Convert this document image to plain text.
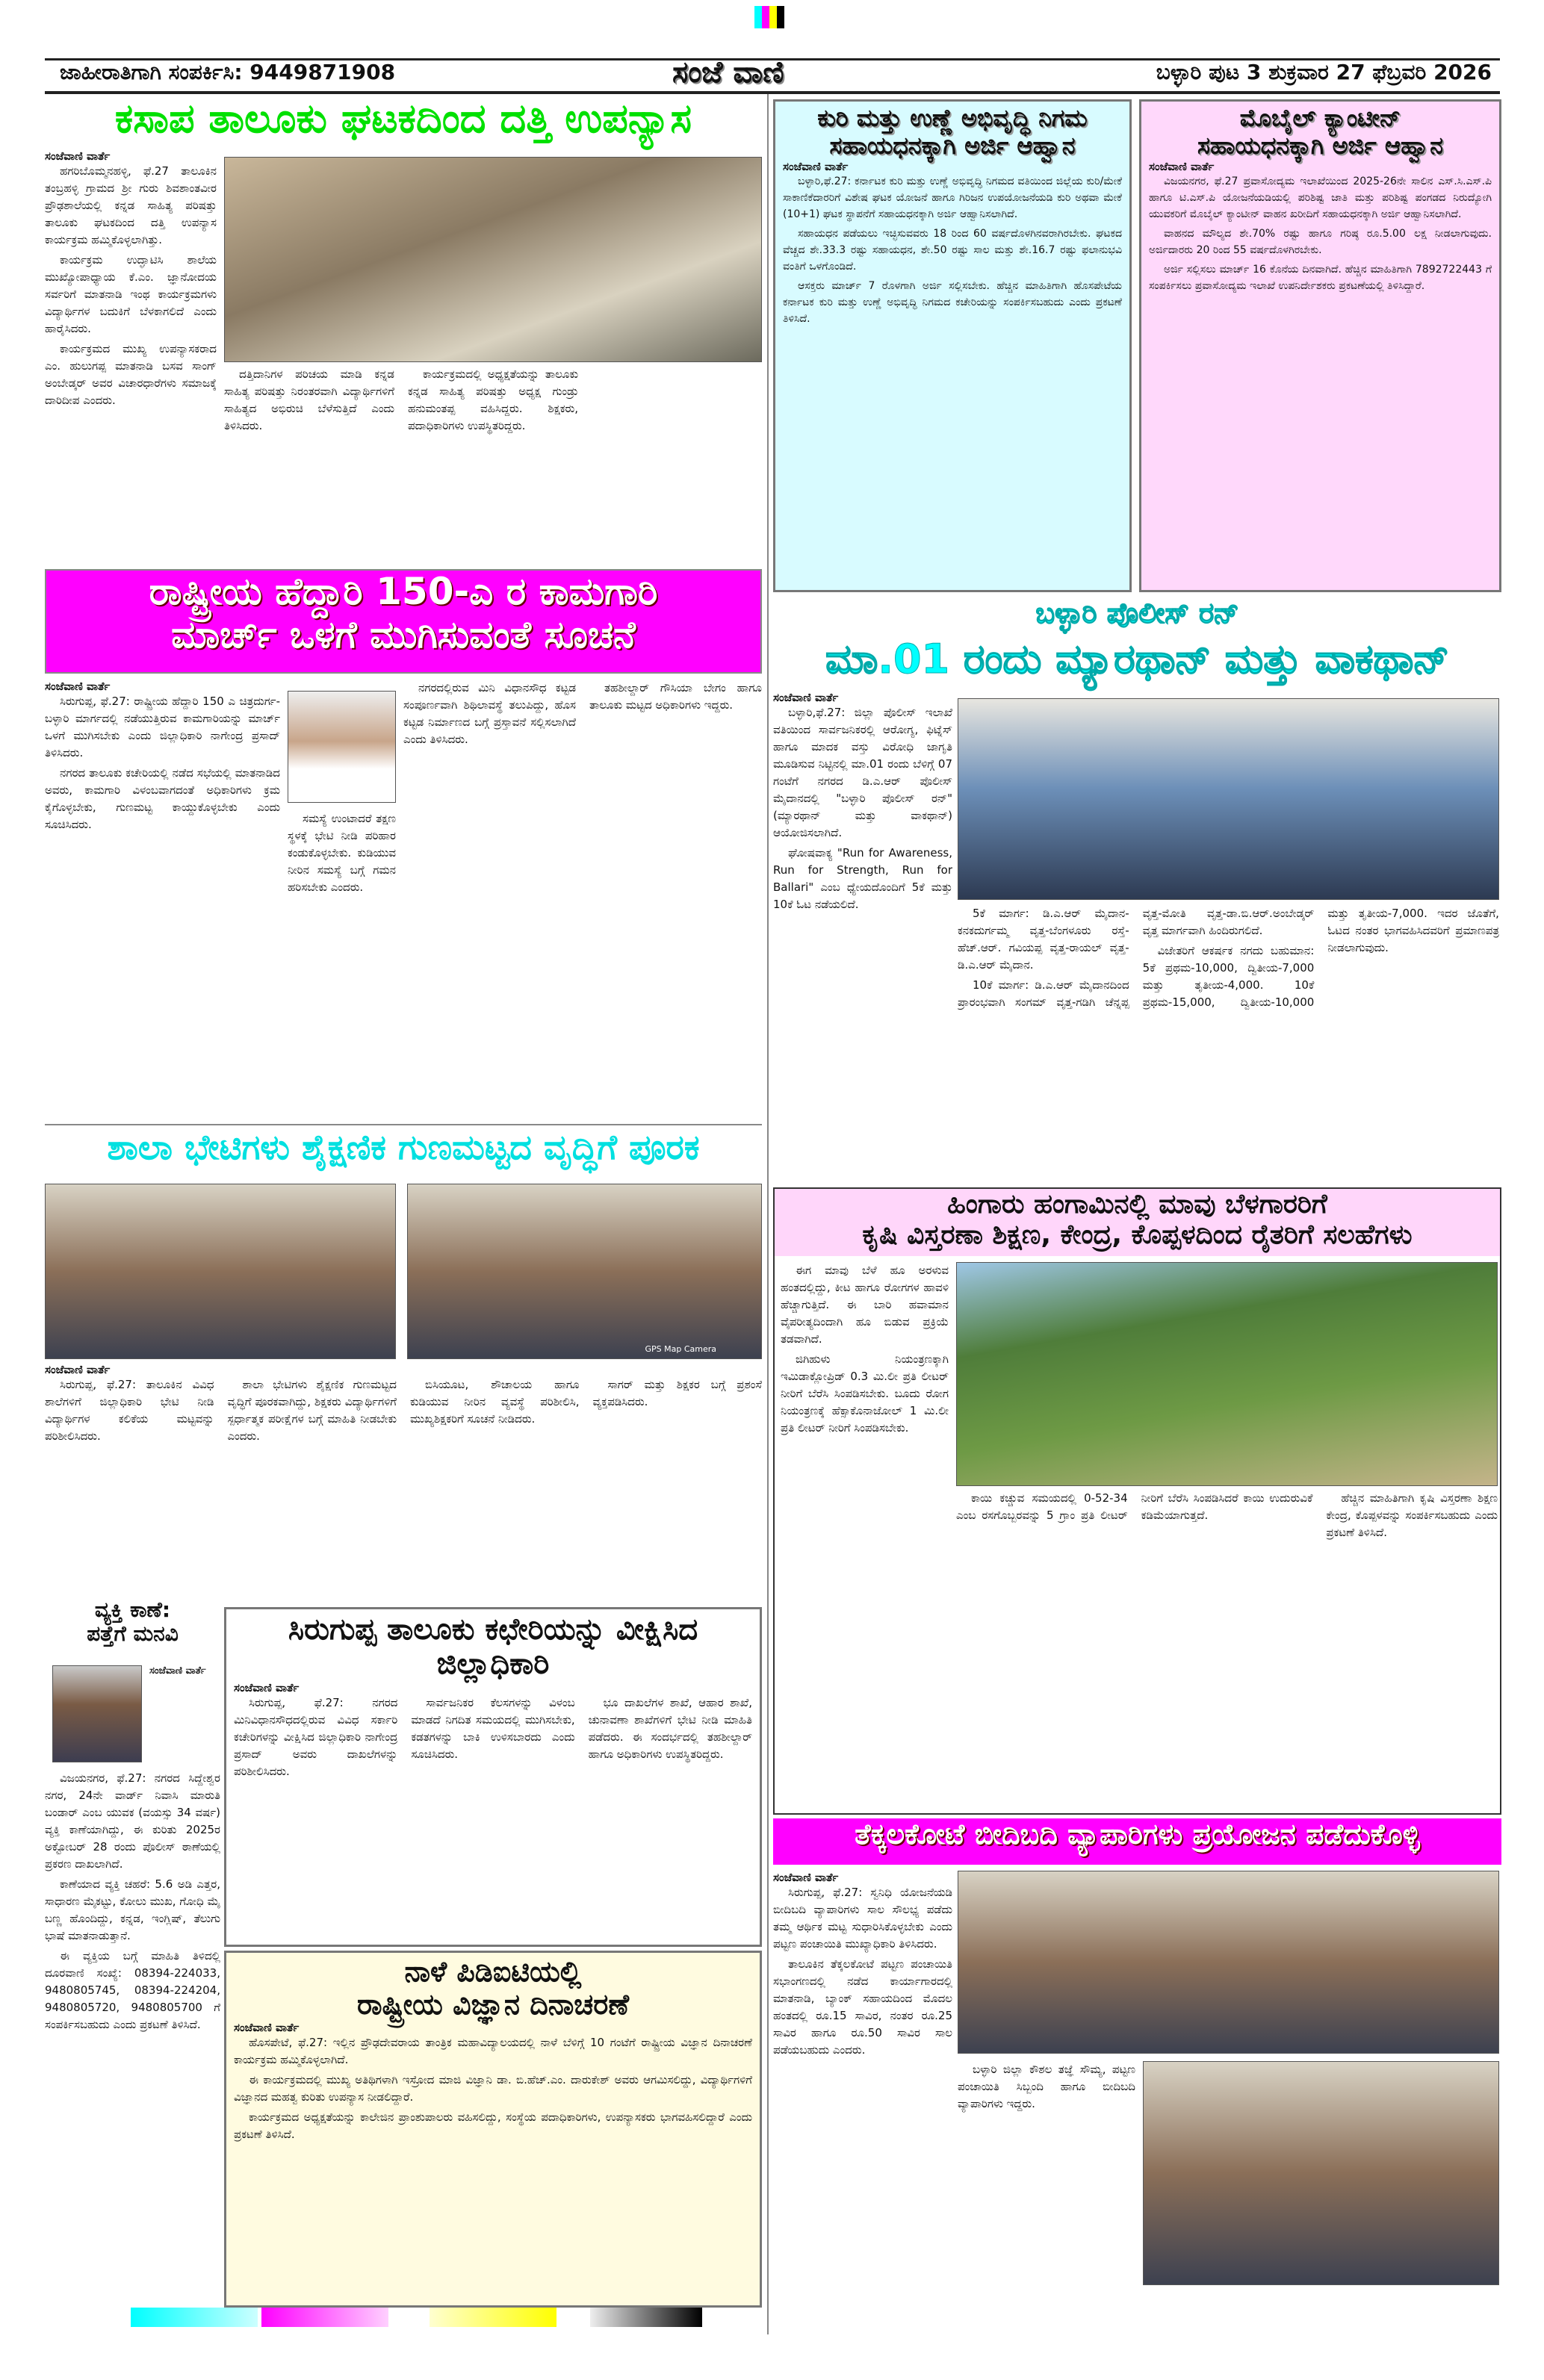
ಜಾಹೀರಾತಿಗಾಗಿ ಸಂಪರ್ಕಿಸಿ: 9449871908	ಸಂಜೆ ವಾಣಿ	ಬಳ್ಳಾರಿ ಪುಟ 3 ಶುಕ್ರವಾರ 27 ಫೆಬ್ರವರಿ 2026
ಕಸಾಪ ತಾಲೂಕು ಘಟಕದಿಂದ ದತ್ತಿ ಉಪನ್ಯಾಸ
ಸಂಜೆವಾಣಿ ವಾರ್ತೆ

ಹಗರಿಬೊಮ್ಮನಹಳ್ಳಿ, ಫೆ.27 ತಾಲೂಕಿನ ತಂಬ್ರಹಳ್ಳಿ ಗ್ರಾಮದ ಶ್ರೀ ಗುರು ಶಿವಶಾಂತವೀರ ಪ್ರೌಢಶಾಲೆಯಲ್ಲಿ ಕನ್ನಡ ಸಾಹಿತ್ಯ ಪರಿಷತ್ತು ತಾಲೂಕು ಘಟಕದಿಂದ ದತ್ತಿ ಉಪನ್ಯಾಸ ಕಾರ್ಯಕ್ರಮ ಹಮ್ಮಿಕೊಳ್ಳಲಾಗಿತ್ತು.

ಕಾರ್ಯಕ್ರಮ ಉದ್ಘಾಟಿಸಿ ಶಾಲೆಯ ಮುಖ್ಯೋಪಾಧ್ಯಾಯ ಕೆ.ಎಂ. ಜ್ಞಾನೋದಯ ಸರ್ವರಿಗೆ ಮಾತನಾಡಿ ಇಂಥ ಕಾರ್ಯಕ್ರಮಗಳು ವಿದ್ಯಾರ್ಥಿಗಳ ಬದುಕಿಗೆ ಬೆಳಕಾಗಲಿದೆ ಎಂದು ಹಾರೈಸಿದರು.

ಕಾರ್ಯಕ್ರಮದ ಮುಖ್ಯ ಉಪನ್ಯಾಸಕರಾದ ಎಂ. ಹುಲುಗಪ್ಪ ಮಾತನಾಡಿ ಬಸವ ಸಾಂಗ್ ಅಂಬೇಡ್ಕರ್ ಅವರ ವಿಚಾರಧಾರೆಗಳು ಸಮಾಜಕ್ಕೆ ದಾರಿದೀಪ ಎಂದರು.

ದತ್ತಿದಾನಿಗಳ ಪರಿಚಯ ಮಾಡಿ ಕನ್ನಡ ಸಾಹಿತ್ಯ ಪರಿಷತ್ತು ನಿರಂತರವಾಗಿ ವಿದ್ಯಾರ್ಥಿಗಳಿಗೆ ಸಾಹಿತ್ಯದ ಅಭಿರುಚಿ ಬೆಳೆಸುತ್ತಿದೆ ಎಂದು ತಿಳಿಸಿದರು.

ಕಾರ್ಯಕ್ರಮದಲ್ಲಿ ಅಧ್ಯಕ್ಷತೆಯನ್ನು ತಾಲೂಕು ಕನ್ನಡ ಸಾಹಿತ್ಯ ಪರಿಷತ್ತು ಅಧ್ಯಕ್ಷ ಗುಂಡ್ರು ಹನುಮಂತಪ್ಪ ವಹಿಸಿದ್ದರು. ಶಿಕ್ಷಕರು, ಪದಾಧಿಕಾರಿಗಳು ಉಪಸ್ಥಿತರಿದ್ದರು.

ರಾಷ್ಟ್ರೀಯ ಹೆದ್ದಾರಿ 150-ಎ ರ ಕಾಮಗಾರಿ
ಮಾರ್ಚ್ ಒಳಗೆ ಮುಗಿಸುವಂತೆ ಸೂಚನೆ
ಸಂಜೆವಾಣಿ ವಾರ್ತೆ

ಸಿರುಗುಪ್ಪ, ಫೆ.27: ರಾಷ್ಟ್ರೀಯ ಹೆದ್ದಾರಿ 150 ಎ ಚಿತ್ರದುರ್ಗ-ಬಳ್ಳಾರಿ ಮಾರ್ಗದಲ್ಲಿ ನಡೆಯುತ್ತಿರುವ ಕಾಮಗಾರಿಯನ್ನು ಮಾರ್ಚ್ ಒಳಗೆ ಮುಗಿಸಬೇಕು ಎಂದು ಜಿಲ್ಲಾಧಿಕಾರಿ ನಾಗೇಂದ್ರ ಪ್ರಸಾದ್ ತಿಳಿಸಿದರು.

ನಗರದ ತಾಲೂಕು ಕಚೇರಿಯಲ್ಲಿ ನಡೆದ ಸಭೆಯಲ್ಲಿ ಮಾತನಾಡಿದ ಅವರು, ಕಾಮಗಾರಿ ವಿಳಂಬವಾಗದಂತೆ ಅಧಿಕಾರಿಗಳು ಕ್ರಮ ಕೈಗೊಳ್ಳಬೇಕು, ಗುಣಮಟ್ಟ ಕಾಯ್ದುಕೊಳ್ಳಬೇಕು ಎಂದು ಸೂಚಿಸಿದರು.	ಸಮಸ್ಯೆ ಉಂಟಾದರೆ ತಕ್ಷಣ ಸ್ಥಳಕ್ಕೆ ಭೇಟಿ ನೀಡಿ ಪರಿಹಾರ ಕಂಡುಕೊಳ್ಳಬೇಕು. ಕುಡಿಯುವ ನೀರಿನ ಸಮಸ್ಯೆ ಬಗ್ಗೆ ಗಮನ ಹರಿಸಬೇಕು ಎಂದರು.

ನಗರದಲ್ಲಿರುವ ಮಿನಿ ವಿಧಾನಸೌಧ ಕಟ್ಟಡ ಸಂಪೂರ್ಣವಾಗಿ ಶಿಥಿಲಾವಸ್ಥೆ ತಲುಪಿದ್ದು, ಹೊಸ ಕಟ್ಟಡ ನಿರ್ಮಾಣದ ಬಗ್ಗೆ ಪ್ರಸ್ತಾವನೆ ಸಲ್ಲಿಸಲಾಗಿದೆ ಎಂದು ತಿಳಿಸಿದರು.

ತಹಶೀಲ್ದಾರ್ ಗೌಸಿಯಾ ಬೇಗಂ ಹಾಗೂ ತಾಲೂಕು ಮಟ್ಟದ ಅಧಿಕಾರಿಗಳು ಇದ್ದರು.

ಶಾಲಾ ಭೇಟಿಗಳು ಶೈಕ್ಷಣಿಕ ಗುಣಮಟ್ಟದ ವೃದ್ಧಿಗೆ ಪೂರಕ
GPS Map Camera
ಸಂಜೆವಾಣಿ ವಾರ್ತೆ

ಸಿರುಗುಪ್ಪ, ಫೆ.27: ತಾಲೂಕಿನ ವಿವಿಧ ಶಾಲೆಗಳಿಗೆ ಜಿಲ್ಲಾಧಿಕಾರಿ ಭೇಟಿ ನೀಡಿ ವಿದ್ಯಾರ್ಥಿಗಳ ಕಲಿಕೆಯ ಮಟ್ಟವನ್ನು ಪರಿಶೀಲಿಸಿದರು.

ಶಾಲಾ ಭೇಟಿಗಳು ಶೈಕ್ಷಣಿಕ ಗುಣಮಟ್ಟದ ವೃದ್ಧಿಗೆ ಪೂರಕವಾಗಿದ್ದು, ಶಿಕ್ಷಕರು ವಿದ್ಯಾರ್ಥಿಗಳಿಗೆ ಸ್ಪರ್ಧಾತ್ಮಕ ಪರೀಕ್ಷೆಗಳ ಬಗ್ಗೆ ಮಾಹಿತಿ ನೀಡಬೇಕು ಎಂದರು.

ಬಿಸಿಯೂಟ, ಶೌಚಾಲಯ ಹಾಗೂ ಕುಡಿಯುವ ನೀರಿನ ವ್ಯವಸ್ಥೆ ಪರಿಶೀಲಿಸಿ, ಮುಖ್ಯಶಿಕ್ಷಕರಿಗೆ ಸೂಚನೆ ನೀಡಿದರು.

ಸಾಗರ್ ಮತ್ತು ಶಿಕ್ಷಕರ ಬಗ್ಗೆ ಪ್ರಶಂಸೆ ವ್ಯಕ್ತಪಡಿಸಿದರು.

ವ್ಯಕ್ತಿ ಕಾಣೆ:
ಪತ್ತೆಗೆ ಮನವಿ
ಸಂಜೆವಾಣಿ ವಾರ್ತೆ

ವಿಜಯನಗರ, ಫೆ.27: ನಗರದ ಸಿದ್ದೇಶ್ವರ ನಗರ, 24ನೇ ವಾರ್ಡ್ ನಿವಾಸಿ ಮಾರುತಿ ಬಂಡಾರ್ ಎಂಬ ಯುವಕ (ವಯಸ್ಸು 34 ವರ್ಷ) ವ್ಯಕ್ತಿ ಕಾಣೆಯಾಗಿದ್ದು, ಈ ಕುರಿತು 2025ರ ಅಕ್ಟೋಬರ್ 28 ರಂದು ಪೊಲೀಸ್ ಠಾಣೆಯಲ್ಲಿ ಪ್ರಕರಣ ದಾಖಲಾಗಿದೆ.

ಕಾಣೆಯಾದ ವ್ಯಕ್ತಿ ಚಹರೆ: 5.6 ಅಡಿ ಎತ್ತರ, ಸಾಧಾರಣ ಮೈಕಟ್ಟು, ಕೋಲು ಮುಖ, ಗೋಧಿ ಮೈ ಬಣ್ಣ ಹೊಂದಿದ್ದು, ಕನ್ನಡ, ಇಂಗ್ಲಿಷ್, ತೆಲುಗು ಭಾಷೆ ಮಾತನಾಡುತ್ತಾನೆ.

ಈ ವ್ಯಕ್ತಿಯ ಬಗ್ಗೆ ಮಾಹಿತಿ ತಿಳಿದಲ್ಲಿ ದೂರವಾಣಿ ಸಂಖ್ಯೆ: 08394-224033, 9480805745, 08394-224204, 9480805720, 9480805700 ಗೆ ಸಂಪರ್ಕಿಸಬಹುದು ಎಂದು ಪ್ರಕಟಣೆ ತಿಳಿಸಿದೆ.

ಸಿರುಗುಪ್ಪ ತಾಲೂಕು ಕಛೇರಿಯನ್ನು ವೀಕ್ಷಿಸಿದ ಜಿಲ್ಲಾಧಿಕಾರಿ
ಸಂಜೆವಾಣಿ ವಾರ್ತೆ

ಸಿರುಗುಪ್ಪ, ಫೆ.27: ನಗರದ ಮಿನಿವಿಧಾನಸೌಧದಲ್ಲಿರುವ ವಿವಿಧ ಸರ್ಕಾರಿ ಕಚೇರಿಗಳನ್ನು ವೀಕ್ಷಿಸಿದ ಜಿಲ್ಲಾಧಿಕಾರಿ ನಾಗೇಂದ್ರ ಪ್ರಸಾದ್ ಅವರು ದಾಖಲೆಗಳನ್ನು ಪರಿಶೀಲಿಸಿದರು.

ಸಾರ್ವಜನಿಕರ ಕೆಲಸಗಳನ್ನು ವಿಳಂಬ ಮಾಡದೆ ನಿಗದಿತ ಸಮಯದಲ್ಲಿ ಮುಗಿಸಬೇಕು, ಕಡತಗಳನ್ನು ಬಾಕಿ ಉಳಿಸಬಾರದು ಎಂದು ಸೂಚಿಸಿದರು.

ಭೂ ದಾಖಲೆಗಳ ಶಾಖೆ, ಆಹಾರ ಶಾಖೆ, ಚುನಾವಣಾ ಶಾಖೆಗಳಿಗೆ ಭೇಟಿ ನೀಡಿ ಮಾಹಿತಿ ಪಡೆದರು. ಈ ಸಂದರ್ಭದಲ್ಲಿ ತಹಶೀಲ್ದಾರ್ ಹಾಗೂ ಅಧಿಕಾರಿಗಳು ಉಪಸ್ಥಿತರಿದ್ದರು.

ನಾಳೆ ಪಿಡಿಐಟಿಯಲ್ಲಿ
ರಾಷ್ಟ್ರೀಯ ವಿಜ್ಞಾನ ದಿನಾಚರಣೆ
ಸಂಜೆವಾಣಿ ವಾರ್ತೆ

ಹೊಸಪೇಟೆ, ಫೆ.27: ಇಲ್ಲಿನ ಪ್ರೌಢದೇವರಾಯ ತಾಂತ್ರಿಕ ಮಹಾವಿದ್ಯಾಲಯದಲ್ಲಿ ನಾಳೆ ಬೆಳಿಗ್ಗೆ 10 ಗಂಟೆಗೆ ರಾಷ್ಟ್ರೀಯ ವಿಜ್ಞಾನ ದಿನಾಚರಣೆ ಕಾರ್ಯಕ್ರಮ ಹಮ್ಮಿಕೊಳ್ಳಲಾಗಿದೆ.

ಈ ಕಾರ್ಯಕ್ರಮದಲ್ಲಿ ಮುಖ್ಯ ಅತಿಥಿಗಳಾಗಿ ಇಸ್ರೋದ ಮಾಜಿ ವಿಜ್ಞಾನಿ ಡಾ. ಬಿ.ಹೆಚ್.ಎಂ. ದಾರುಕೇಶ್ ಅವರು ಆಗಮಿಸಲಿದ್ದು, ವಿದ್ಯಾರ್ಥಿಗಳಿಗೆ ವಿಜ್ಞಾನದ ಮಹತ್ವ ಕುರಿತು ಉಪನ್ಯಾಸ ನೀಡಲಿದ್ದಾರೆ.

ಕಾರ್ಯಕ್ರಮದ ಅಧ್ಯಕ್ಷತೆಯನ್ನು ಕಾಲೇಜಿನ ಪ್ರಾಂಶುಪಾಲರು ವಹಿಸಲಿದ್ದು, ಸಂಸ್ಥೆಯ ಪದಾಧಿಕಾರಿಗಳು, ಉಪನ್ಯಾಸಕರು ಭಾಗವಹಿಸಲಿದ್ದಾರೆ ಎಂದು ಪ್ರಕಟಣೆ ತಿಳಿಸಿದೆ.

ಕುರಿ ಮತ್ತು ಉಣ್ಣೆ ಅಭಿವೃದ್ಧಿ ನಿಗಮ
ಸಹಾಯಧನಕ್ಕಾಗಿ ಅರ್ಜಿ ಆಹ್ವಾನ
ಸಂಜೆವಾಣಿ ವಾರ್ತೆ

ಬಳ್ಳಾರಿ,ಫೆ.27: ಕರ್ನಾಟಕ ಕುರಿ ಮತ್ತು ಉಣ್ಣೆ ಅಭಿವೃದ್ಧಿ ನಿಗಮದ ವತಿಯಿಂದ ಜಿಲ್ಲೆಯ ಕುರಿ/ಮೇಕೆ ಸಾಕಾಣಿಕೆದಾರರಿಗೆ ವಿಶೇಷ ಘಟಕ ಯೋಜನೆ ಹಾಗೂ ಗಿರಿಜನ ಉಪಯೋಜನೆಯಡಿ ಕುರಿ ಅಥವಾ ಮೇಕೆ (10+1) ಘಟಕ ಸ್ಥಾಪನೆಗೆ ಸಹಾಯಧನಕ್ಕಾಗಿ ಅರ್ಜಿ ಆಹ್ವಾನಿಸಲಾಗಿದೆ.

ಸಹಾಯಧನ ಪಡೆಯಲು ಇಚ್ಛಿಸುವವರು 18 ರಿಂದ 60 ವರ್ಷದೊಳಗಿನವರಾಗಿರಬೇಕು. ಘಟಕದ ವೆಚ್ಚದ ಶೇ.33.3 ರಷ್ಟು ಸಹಾಯಧನ, ಶೇ.50 ರಷ್ಟು ಸಾಲ ಮತ್ತು ಶೇ.16.7 ರಷ್ಟು ಫಲಾನುಭವಿ ವಂತಿಗೆ ಒಳಗೊಂಡಿದೆ.

ಆಸಕ್ತರು ಮಾರ್ಚ್ 7 ರೊಳಗಾಗಿ ಅರ್ಜಿ ಸಲ್ಲಿಸಬೇಕು. ಹೆಚ್ಚಿನ ಮಾಹಿತಿಗಾಗಿ ಹೊಸಪೇಟೆಯ ಕರ್ನಾಟಕ ಕುರಿ ಮತ್ತು ಉಣ್ಣೆ ಅಭಿವೃದ್ಧಿ ನಿಗಮದ ಕಚೇರಿಯನ್ನು ಸಂಪರ್ಕಿಸಬಹುದು ಎಂದು ಪ್ರಕಟಣೆ ತಿಳಿಸಿದೆ.

ಮೊಬೈಲ್ ಕ್ಯಾಂಟೀನ್
ಸಹಾಯಧನಕ್ಕಾಗಿ ಅರ್ಜಿ ಆಹ್ವಾನ
ಸಂಜೆವಾಣಿ ವಾರ್ತೆ

ವಿಜಯನಗರ, ಫೆ.27 ಪ್ರವಾಸೋದ್ಯಮ ಇಲಾಖೆಯಿಂದ 2025-26ನೇ ಸಾಲಿನ ಎಸ್.ಸಿ.ಎಸ್.ಪಿ ಹಾಗೂ ಟಿ.ಎಸ್.ಪಿ ಯೋಜನೆಯಡಿಯಲ್ಲಿ ಪರಿಶಿಷ್ಟ ಜಾತಿ ಮತ್ತು ಪರಿಶಿಷ್ಟ ಪಂಗಡದ ನಿರುದ್ಯೋಗಿ ಯುವಕರಿಗೆ ಮೊಬೈಲ್ ಕ್ಯಾಂಟೀನ್ ವಾಹನ ಖರೀದಿಗೆ ಸಹಾಯಧನಕ್ಕಾಗಿ ಅರ್ಜಿ ಆಹ್ವಾನಿಸಲಾಗಿದೆ.

ವಾಹನದ ಮೌಲ್ಯದ ಶೇ.70% ರಷ್ಟು ಹಾಗೂ ಗರಿಷ್ಠ ರೂ.5.00 ಲಕ್ಷ ನೀಡಲಾಗುವುದು. ಅರ್ಜಿದಾರರು 20 ರಿಂದ 55 ವರ್ಷದೊಳಗಿರಬೇಕು.

ಅರ್ಜಿ ಸಲ್ಲಿಸಲು ಮಾರ್ಚ್ 16 ಕೊನೆಯ ದಿನವಾಗಿದೆ. ಹೆಚ್ಚಿನ ಮಾಹಿತಿಗಾಗಿ 7892722443 ಗೆ ಸಂಪರ್ಕಿಸಲು ಪ್ರವಾಸೋದ್ಯಮ ಇಲಾಖೆ ಉಪನಿರ್ದೇಶಕರು ಪ್ರಕಟಣೆಯಲ್ಲಿ ತಿಳಿಸಿದ್ದಾರೆ.

ಬಳ್ಳಾರಿ ಪೊಲೀಸ್ ರನ್
ಮಾ.01 ರಂದು ಮ್ಯಾರಥಾನ್ ಮತ್ತು ವಾಕಥಾನ್
ಸಂಜೆವಾಣಿ ವಾರ್ತೆ

ಬಳ್ಳಾರಿ,ಫೆ.27: ಜಿಲ್ಲಾ ಪೊಲೀಸ್ ಇಲಾಖೆ ವತಿಯಿಂದ ಸಾರ್ವಜನಿಕರಲ್ಲಿ ಆರೋಗ್ಯ, ಫಿಟ್ನೆಸ್ ಹಾಗೂ ಮಾದಕ ವಸ್ತು ವಿರೋಧಿ ಜಾಗೃತಿ ಮೂಡಿಸುವ ನಿಟ್ಟಿನಲ್ಲಿ ಮಾ.01 ರಂದು ಬೆಳಿಗ್ಗೆ 07 ಗಂಟೆಗೆ ನಗರದ ಡಿ.ಎ.ಆರ್ ಪೊಲೀಸ್ ಮೈದಾನದಲ್ಲಿ "ಬಳ್ಳಾರಿ ಪೊಲೀಸ್ ರನ್" (ಮ್ಯಾರಥಾನ್ ಮತ್ತು ವಾಕಥಾನ್) ಆಯೋಜಿಸಲಾಗಿದೆ.

ಘೋಷವಾಕ್ಯ "Run for Awareness, Run for Strength, Run for Ballari" ಎಂಬ ಧ್ಯೇಯದೊಂದಿಗೆ 5ಕೆ ಮತ್ತು 10ಕೆ ಓಟ ನಡೆಯಲಿದೆ.

5ಕೆ ಮಾರ್ಗ: ಡಿ.ಎ.ಆರ್ ಮೈದಾನ-ಕನಕದುರ್ಗಮ್ಮ ವೃತ್ತ-ಬೆಂಗಳೂರು ರಸ್ತೆ-ಹೆಚ್.ಆರ್. ಗವಿಯಪ್ಪ ವೃತ್ತ-ರಾಯಲ್ ವೃತ್ತ-ಡಿ.ಎ.ಆರ್ ಮೈದಾನ.

10ಕೆ ಮಾರ್ಗ: ಡಿ.ಎ.ಆರ್ ಮೈದಾನದಿಂದ ಪ್ರಾರಂಭವಾಗಿ ಸಂಗಮ್ ವೃತ್ತ-ಗಡಿಗಿ ಚೆನ್ನಪ್ಪ ವೃತ್ತ-ಮೋತಿ ವೃತ್ತ-ಡಾ.ಬಿ.ಆರ್.ಅಂಬೇಡ್ಕರ್ ವೃತ್ತ ಮಾರ್ಗವಾಗಿ ಹಿಂದಿರುಗಲಿದೆ.

ವಿಜೇತರಿಗೆ ಆಕರ್ಷಕ ನಗದು ಬಹುಮಾನ: 5ಕೆ ಪ್ರಥಮ-10,000, ದ್ವಿತೀಯ-7,000 ಮತ್ತು ತೃತೀಯ-4,000. 10ಕೆ ಪ್ರಥಮ-15,000, ದ್ವಿತೀಯ-10,000 ಮತ್ತು ತೃತೀಯ-7,000. ಇದರ ಜೊತೆಗೆ, ಓಟದ ನಂತರ ಭಾಗವಹಿಸಿದವರಿಗೆ ಪ್ರಮಾಣಪತ್ರ ನೀಡಲಾಗುವುದು.

ಹಿಂಗಾರು ಹಂಗಾಮಿನಲ್ಲಿ ಮಾವು ಬೆಳಗಾರರಿಗೆ
ಕೃಷಿ ವಿಸ್ತರಣಾ ಶಿಕ್ಷಣ, ಕೇಂದ್ರ, ಕೊಪ್ಪಳದಿಂದ ರೈತರಿಗೆ ಸಲಹೆಗಳು

ಈಗ ಮಾವು ಬೆಳೆ ಹೂ ಅರಳುವ ಹಂತದಲ್ಲಿದ್ದು, ಕೀಟ ಹಾಗೂ ರೋಗಗಳ ಹಾವಳಿ ಹೆಚ್ಚಾಗುತ್ತಿದೆ. ಈ ಬಾರಿ ಹವಾಮಾನ ವೈಪರೀತ್ಯದಿಂದಾಗಿ ಹೂ ಬಿಡುವ ಪ್ರಕ್ರಿಯೆ ತಡವಾಗಿದೆ.

ಜಿಗಿಹುಳು ನಿಯಂತ್ರಣಕ್ಕಾಗಿ ಇಮಿಡಾಕ್ಲೋಪ್ರಿಡ್ 0.3 ಮಿ.ಲೀ ಪ್ರತಿ ಲೀಟರ್ ನೀರಿಗೆ ಬೆರೆಸಿ ಸಿಂಪಡಿಸಬೇಕು. ಬೂದು ರೋಗ ನಿಯಂತ್ರಣಕ್ಕೆ ಹೆಕ್ಸಾಕೊನಾಜೋಲ್ 1 ಮಿ.ಲೀ ಪ್ರತಿ ಲೀಟರ್ ನೀರಿಗೆ ಸಿಂಪಡಿಸಬೇಕು.

ಕಾಯಿ ಕಚ್ಚುವ ಸಮಯದಲ್ಲಿ 0-52-34 ಎಂಬ ರಸಗೊಬ್ಬರವನ್ನು 5 ಗ್ರಾಂ ಪ್ರತಿ ಲೀಟರ್ ನೀರಿಗೆ ಬೆರೆಸಿ ಸಿಂಪಡಿಸಿದರೆ ಕಾಯಿ ಉದುರುವಿಕೆ ಕಡಿಮೆಯಾಗುತ್ತದೆ.

ಹೆಚ್ಚಿನ ಮಾಹಿತಿಗಾಗಿ ಕೃಷಿ ವಿಸ್ತರಣಾ ಶಿಕ್ಷಣ ಕೇಂದ್ರ, ಕೊಪ್ಪಳವನ್ನು ಸಂಪರ್ಕಿಸಬಹುದು ಎಂದು ಪ್ರಕಟಣೆ ತಿಳಿಸಿದೆ.

ತೆಕ್ಕಲಕೋಟೆ ಬೀದಿಬದಿ ವ್ಯಾಪಾರಿಗಳು ಪ್ರಯೋಜನ ಪಡೆದುಕೊಳ್ಳಿ
ಸಂಜೆವಾಣಿ ವಾರ್ತೆ

ಸಿರುಗುಪ್ಪ, ಫೆ.27: ಸ್ವನಿಧಿ ಯೋಜನೆಯಡಿ ಬೀದಿಬದಿ ವ್ಯಾಪಾರಿಗಳು ಸಾಲ ಸೌಲಭ್ಯ ಪಡೆದು ತಮ್ಮ ಆರ್ಥಿಕ ಮಟ್ಟ ಸುಧಾರಿಸಿಕೊಳ್ಳಬೇಕು ಎಂದು ಪಟ್ಟಣ ಪಂಚಾಯಿತಿ ಮುಖ್ಯಾಧಿಕಾರಿ ತಿಳಿಸಿದರು.

ತಾಲೂಕಿನ ತೆಕ್ಕಲಕೋಟೆ ಪಟ್ಟಣ ಪಂಚಾಯಿತಿ ಸಭಾಂಗಣದಲ್ಲಿ ನಡೆದ ಕಾರ್ಯಾಗಾರದಲ್ಲಿ ಮಾತನಾಡಿ, ಬ್ಯಾಂಕ್ ಸಹಾಯದಿಂದ ಮೊದಲ ಹಂತದಲ್ಲಿ ರೂ.15 ಸಾವಿರ, ನಂತರ ರೂ.25 ಸಾವಿರ ಹಾಗೂ ರೂ.50 ಸಾವಿರ ಸಾಲ ಪಡೆಯಬಹುದು ಎಂದರು.

ಬಳ್ಳಾರಿ ಜಿಲ್ಲಾ ಕೌಶಲ ತಜ್ಞೆ ಸೌಮ್ಯ, ಪಟ್ಟಣ ಪಂಚಾಯಿತಿ ಸಿಬ್ಬಂದಿ ಹಾಗೂ ಬೀದಿಬದಿ ವ್ಯಾಪಾರಿಗಳು ಇದ್ದರು.
